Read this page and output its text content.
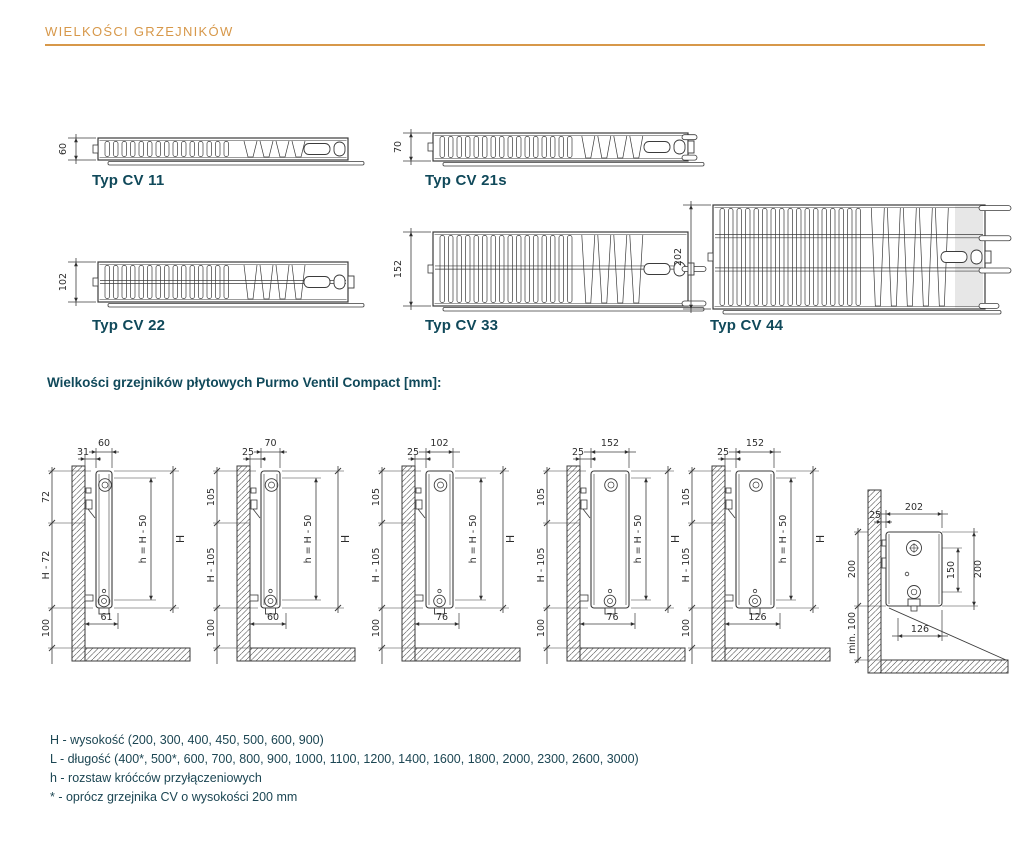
WIELKOŚCI GRZEJNIKÓW
60	70
102
152
202
Typ CV 11	Typ CV 21s
Typ CV 22	Typ CV 33	Typ CV 44
Wielkości grzejników płytowych Purmo Ventil Compact [mm]:
60
31
72
H - 72
100
h = H - 50 H
61
70
25
105
H - 105
100
h = H - 50 H
60
102
25
105
H - 105
100
h = H - 50 H
76
152
25
105
H - 105
100
h = H - 50 H
76
152
25
105
H - 105
100
h = H - 50 H
126
202
25
150 200
200
min. 100	126
H - wysokość (200, 300, 400, 450, 500, 600, 900)
L - długość (400*, 500*, 600, 700, 800, 900, 1000, 1100, 1200, 1400, 1600, 1800, 2000, 2300, 2600, 3000)
h - rozstaw króćców przyłączeniowych
* - oprócz grzejnika CV o wysokości 200 mm
